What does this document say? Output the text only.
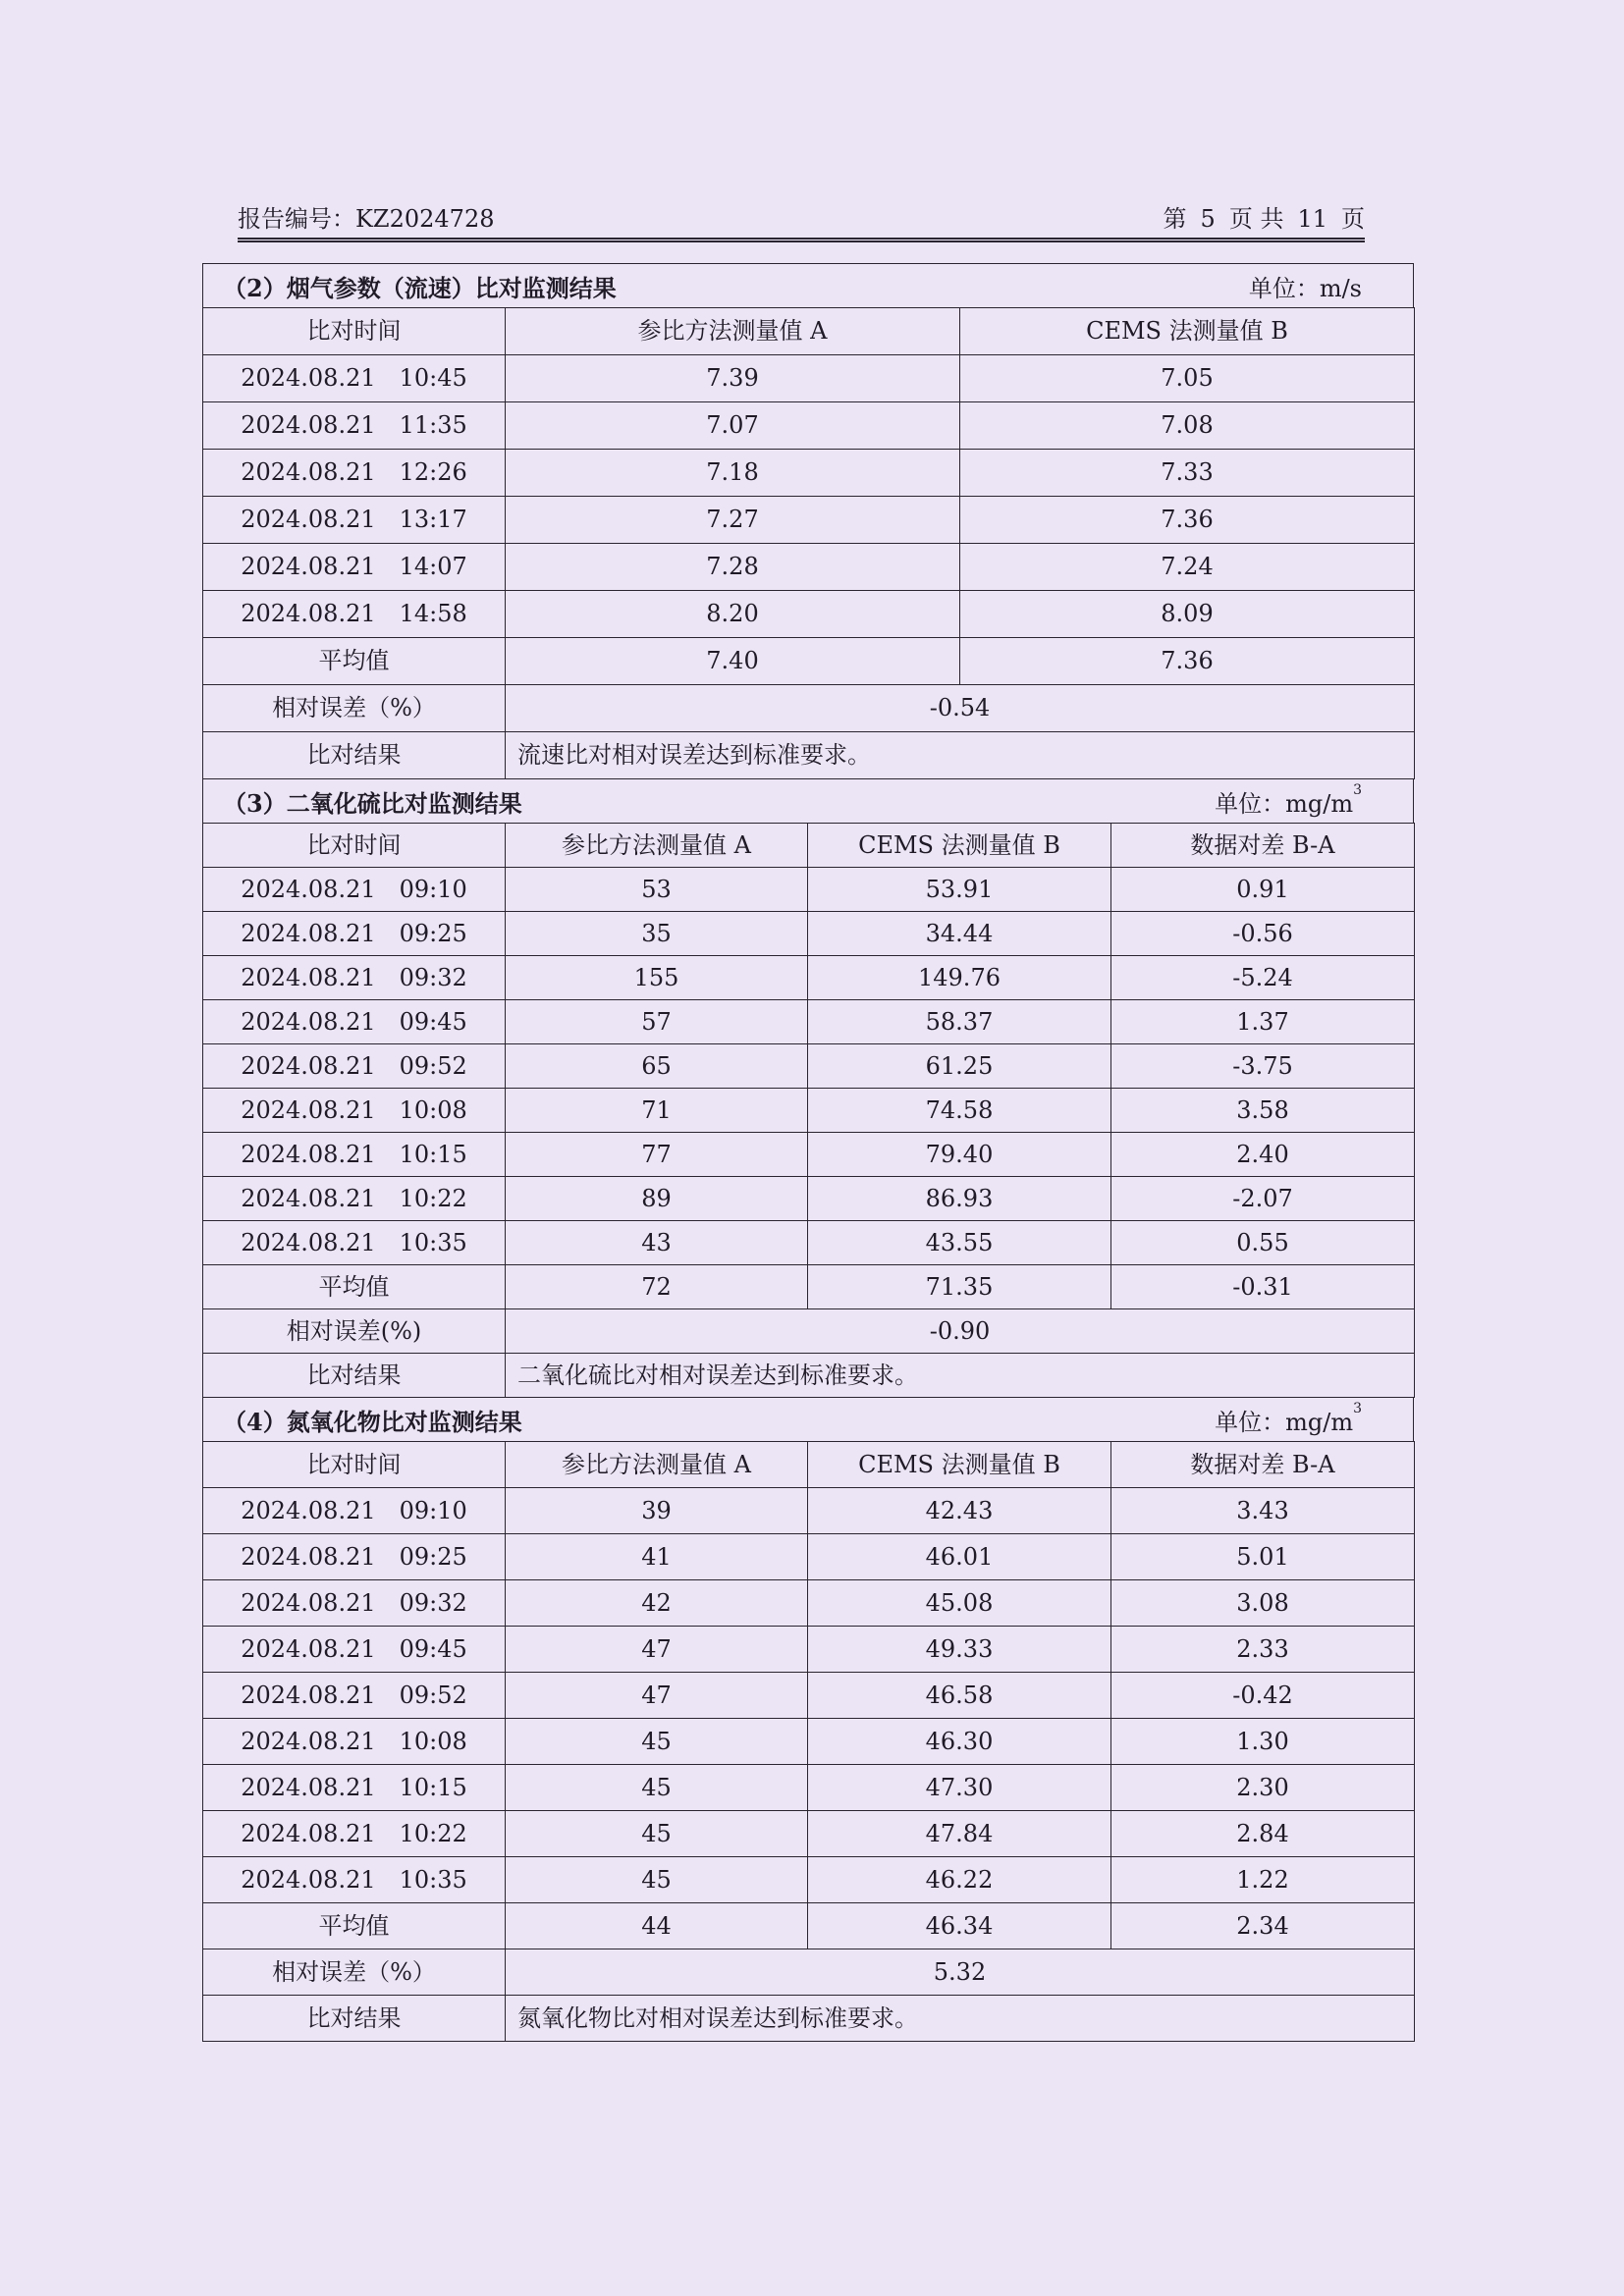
报告编号：KZ2024728	第 5 页 共 11 页
（2）烟气参数（流速）比对监测结果	单位：m/s
比对时间	参比方法测量值 A	CEMS 法测量值 B
2024.08.21　10:45	7.39	7.05
2024.08.21　11:35	7.07	7.08
2024.08.21　12:26	7.18	7.33
2024.08.21　13:17	7.27	7.36
2024.08.21　14:07	7.28	7.24
2024.08.21　14:58	8.20	8.09
平均值	7.40	7.36
相对误差（%）	-0.54	
比对结果	流速比对相对误差达到标准要求。	
（3）二氧化硫比对监测结果	单位：$mg/m^3$
比对时间	参比方法测量值 A	CEMS 法测量值 B	数据对差 B-A
2024.08.21　09:10	53	53.91	0.91
2024.08.21　09:25	35	34.44	-0.56
2024.08.21　09:32	155	149.76	-5.24
2024.08.21　09:45	57	58.37	1.37
2024.08.21　09:52	65	61.25	-3.75
2024.08.21　10:08	71	74.58	3.58
2024.08.21　10:15	77	79.40	2.40
2024.08.21　10:22	89	86.93	-2.07
2024.08.21　10:35	43	43.55	0.55
平均值	72	71.35	-0.31
相对误差(%)	-0.90		
比对结果	二氧化硫比对相对误差达到标准要求。		
（4）氮氧化物比对监测结果	单位：$mg/m^3$
比对时间	参比方法测量值 A	CEMS 法测量值 B	数据对差 B-A
2024.08.21　09:10	39	42.43	3.43
2024.08.21　09:25	41	46.01	5.01
2024.08.21　09:32	42	45.08	3.08
2024.08.21　09:45	47	49.33	2.33
2024.08.21　09:52	47	46.58	-0.42
2024.08.21　10:08	45	46.30	1.30
2024.08.21　10:15	45	47.30	2.30
2024.08.21　10:22	45	47.84	2.84
2024.08.21　10:35	45	46.22	1.22
平均值	44	46.34	2.34
相对误差（%）	5.32		
比对结果	氮氧化物比对相对误差达到标准要求。		
